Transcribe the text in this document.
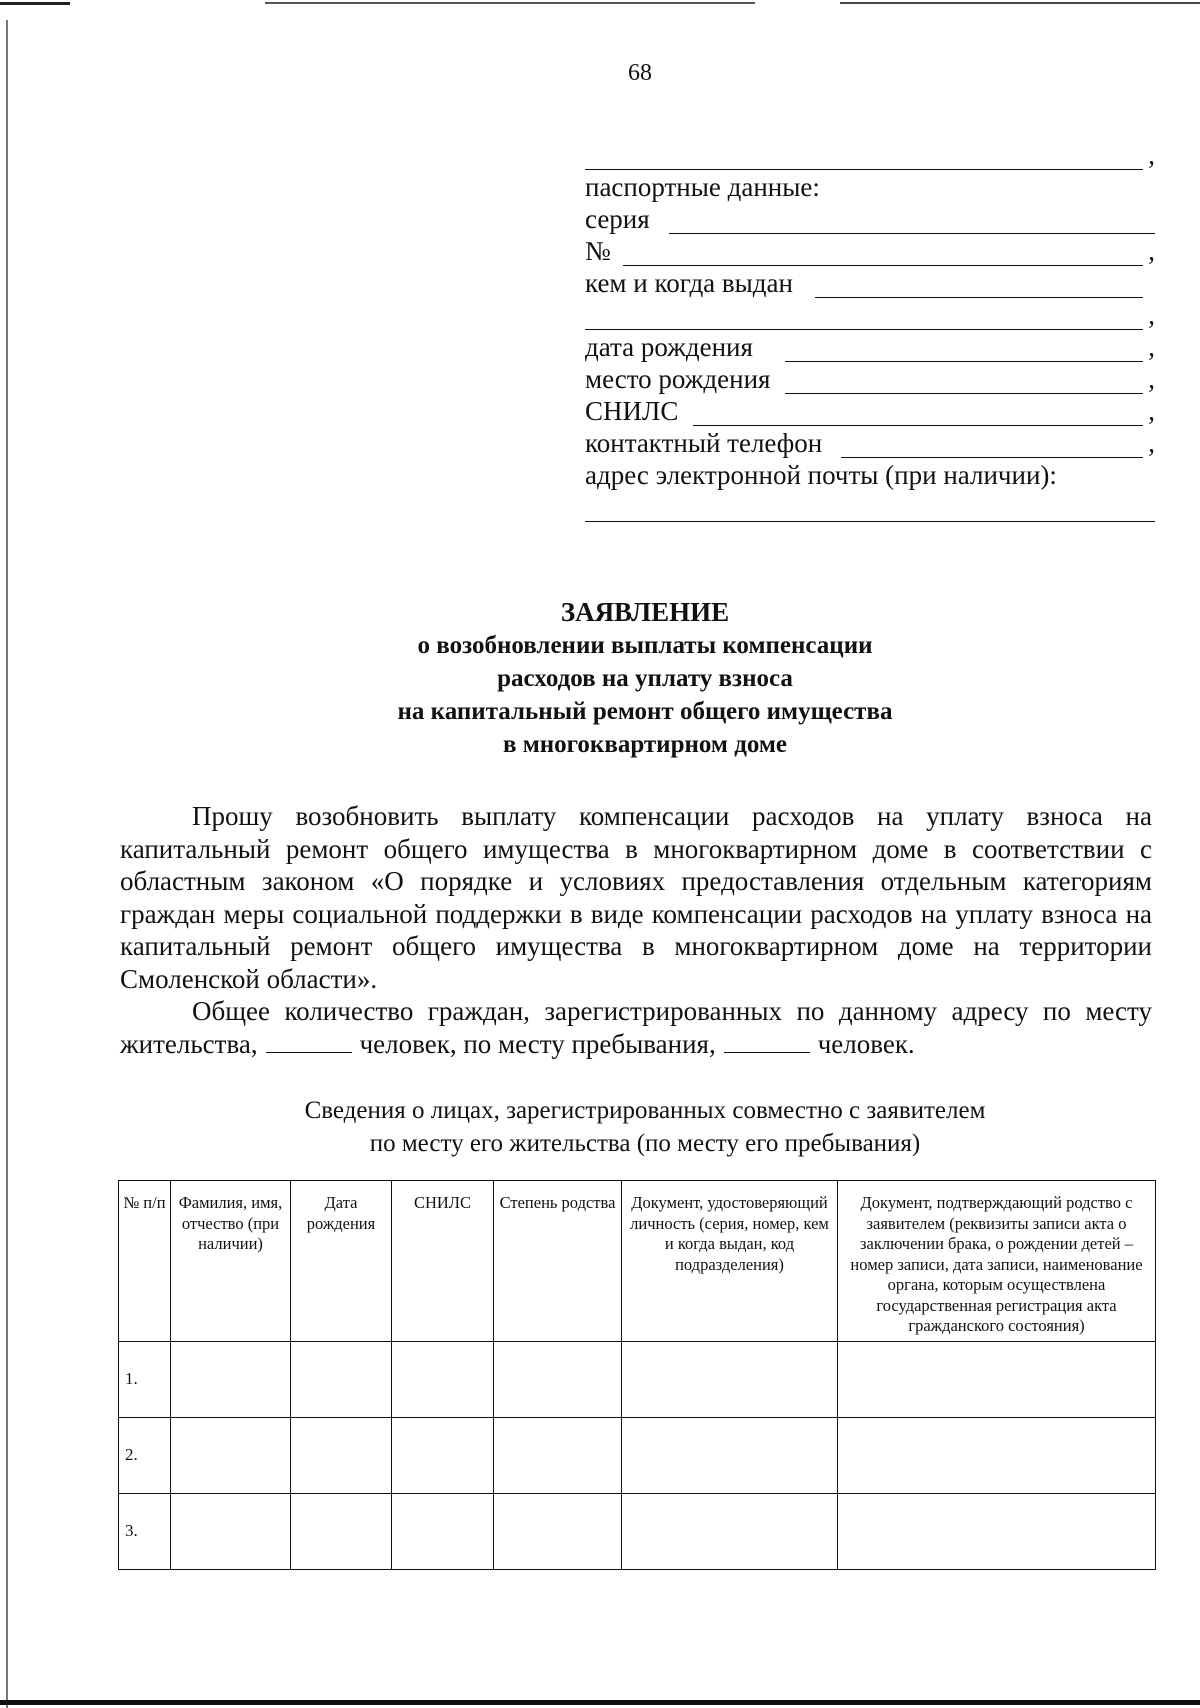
68
,
паспортные данные:
серия
№	,
кем и когда выдан
,
дата рождения	,
место рождения	,
СНИЛС	,
контактный телефон	,
адрес электронной почты (при наличии):
ЗАЯВЛЕНИЕ
о возобновлении выплаты компенсации
расходов на уплату взноса
на капитальный ремонт общего имущества
в многоквартирном доме

Прошу возобновить выплату компенсации расходов на уплату взноса на капитальный ремонт общего имущества в многоквартирном доме в соответствии с областным законом «О порядке и условиях предоставления отдельным категориям граждан меры социальной поддержки в виде компенсации расходов на уплату взноса на капитальный ремонт общего имущества в многоквартирном доме на территории Смоленской области».

Общее количество граждан, зарегистрированных по данному адресу по месту жительства,	человек, по месту пребывания,	человек.

Сведения о лицах, зарегистрированных совместно с заявителем
по месту его жительства (по месту его пребывания)
№ п/п	Фамилия, имя, отчество (при наличии)	Дата рождения	СНИЛС	Степень родства	Документ, удостоверяющий личность (серия, номер, кем и когда выдан, код подразделения)	Документ, подтверждающий родство с заявителем (реквизиты записи акта о заключении брака, о рождении детей – номер записи, дата записи, наименование органа, которым осуществлена государственная регистрация акта гражданского состояния)
1.						
2.						
3.						
